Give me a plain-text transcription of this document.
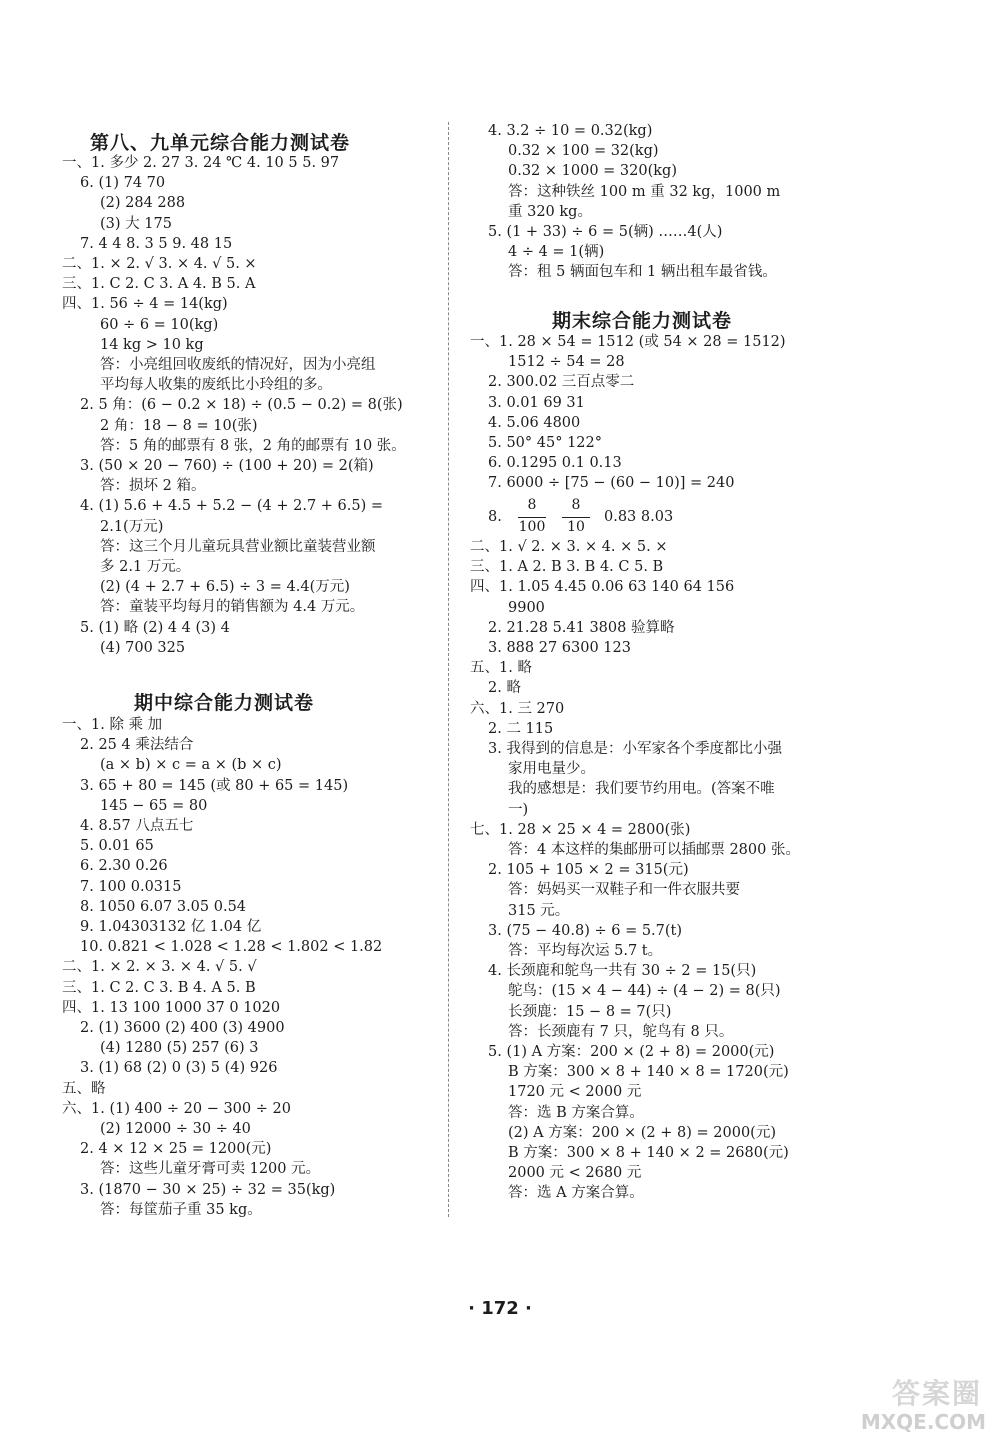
第八、九单元综合能力测试卷
一、1. 多少 2. 27 3. 24 ℃ 4. 10 5 5. 97
6. (1) 74 70
(2) 284 288
(3) 大 175
7. 4 4 8. 3 5 9. 48 15
二、1. × 2. √ 3. × 4. √ 5. ×
三、1. C 2. C 3. A 4. B 5. A
四、1. 56 ÷ 4 = 14(kg)
60 ÷ 6 = 10(kg)
14 kg > 10 kg
答：小亮组回收废纸的情况好，因为小亮组
平均每人收集的废纸比小玲组的多。
2. 5 角：(6 − 0.2 × 18) ÷ (0.5 − 0.2) = 8(张)
2 角：18 − 8 = 10(张)
答：5 角的邮票有 8 张，2 角的邮票有 10 张。
3. (50 × 20 − 760) ÷ (100 + 20) = 2(箱)
答：损坏 2 箱。
4. (1) 5.6 + 4.5 + 5.2 − (4 + 2.7 + 6.5) =
2.1(万元)
答：这三个月儿童玩具营业额比童装营业额
多 2.1 万元。
(2) (4 + 2.7 + 6.5) ÷ 3 = 4.4(万元)
答：童装平均每月的销售额为 4.4 万元。
5. (1) 略 (2) 4 4 (3) 4
(4) 700 325
期中综合能力测试卷
一、1. 除 乘 加
2. 25 4 乘法结合
(a × b) × c = a × (b × c)
3. 65 + 80 = 145 (或 80 + 65 = 145)
145 − 65 = 80
4. 8.57 八点五七
5. 0.01 65
6. 2.30 0.26
7. 100 0.0315
8. 1050 6.07 3.05 0.54
9. 1.04303132 亿 1.04 亿
10. 0.821 < 1.028 < 1.28 < 1.802 < 1.82
二、1. × 2. × 3. × 4. √ 5. √
三、1. C 2. C 3. B 4. A 5. B
四、1. 13 100 1000 37 0 1020
2. (1) 3600 (2) 400 (3) 4900
(4) 1280 (5) 257 (6) 3
3. (1) 68 (2) 0 (3) 5 (4) 926
五、略
六、1. (1) 400 ÷ 20 − 300 ÷ 20
(2) 12000 ÷ 30 ÷ 40
2. 4 × 12 × 25 = 1200(元)
答：这些儿童牙膏可卖 1200 元。
3. (1870 − 30 × 25) ÷ 32 = 35(kg)
答：每筐茄子重 35 kg。
4. 3.2 ÷ 10 = 0.32(kg)
0.32 × 100 = 32(kg)
0.32 × 1000 = 320(kg)
答：这种铁丝 100 m 重 32 kg，1000 m
重 320 kg。
5. (1 + 33) ÷ 6 = 5(辆) ……4(人)
4 ÷ 4 = 1(辆)
答：租 5 辆面包车和 1 辆出租车最省钱。
期末综合能力测试卷
一、1. 28 × 54 = 1512 (或 54 × 28 = 1512)
1512 ÷ 54 = 28
2. 300.02 三百点零二
3. 0.01 69 31
4. 5.06 4800
5. 50° 45° 122°
6. 0.1295 0.1 0.13
7. 6000 ÷ [75 − (60 − 10)] = 240
8.
8
100
8
10
0.83 8.03
二、1. √ 2. × 3. × 4. × 5. ×
三、1. A 2. B 3. B 4. C 5. B
四、1. 1.05 4.45 0.06 63 140 64 156
9900
2. 21.28 5.41 3808 验算略
3. 888 27 6300 123
五、1. 略
2. 略
六、1. 三 270
2. 二 115
3. 我得到的信息是：小军家各个季度都比小强
家用电量少。
我的感想是：我们要节约用电。(答案不唯
一)
七、1. 28 × 25 × 4 = 2800(张)
答：4 本这样的集邮册可以插邮票 2800 张。
2. 105 + 105 × 2 = 315(元)
答：妈妈买一双鞋子和一件衣服共要
315 元。
3. (75 − 40.8) ÷ 6 = 5.7(t)
答：平均每次运 5.7 t。
4. 长颈鹿和鸵鸟一共有 30 ÷ 2 = 15(只)
鸵鸟：(15 × 4 − 44) ÷ (4 − 2) = 8(只)
长颈鹿：15 − 8 = 7(只)
答：长颈鹿有 7 只，鸵鸟有 8 只。
5. (1) A 方案：200 × (2 + 8) = 2000(元)
B 方案：300 × 8 + 140 × 8 = 1720(元)
1720 元 < 2000 元
答：选 B 方案合算。
(2) A 方案：200 × (2 + 8) = 2000(元)
B 方案：300 × 8 + 140 × 2 = 2680(元)
2000 元 < 2680 元
答：选 A 方案合算。
· 172 ·
答案圈
MXQE.COM
